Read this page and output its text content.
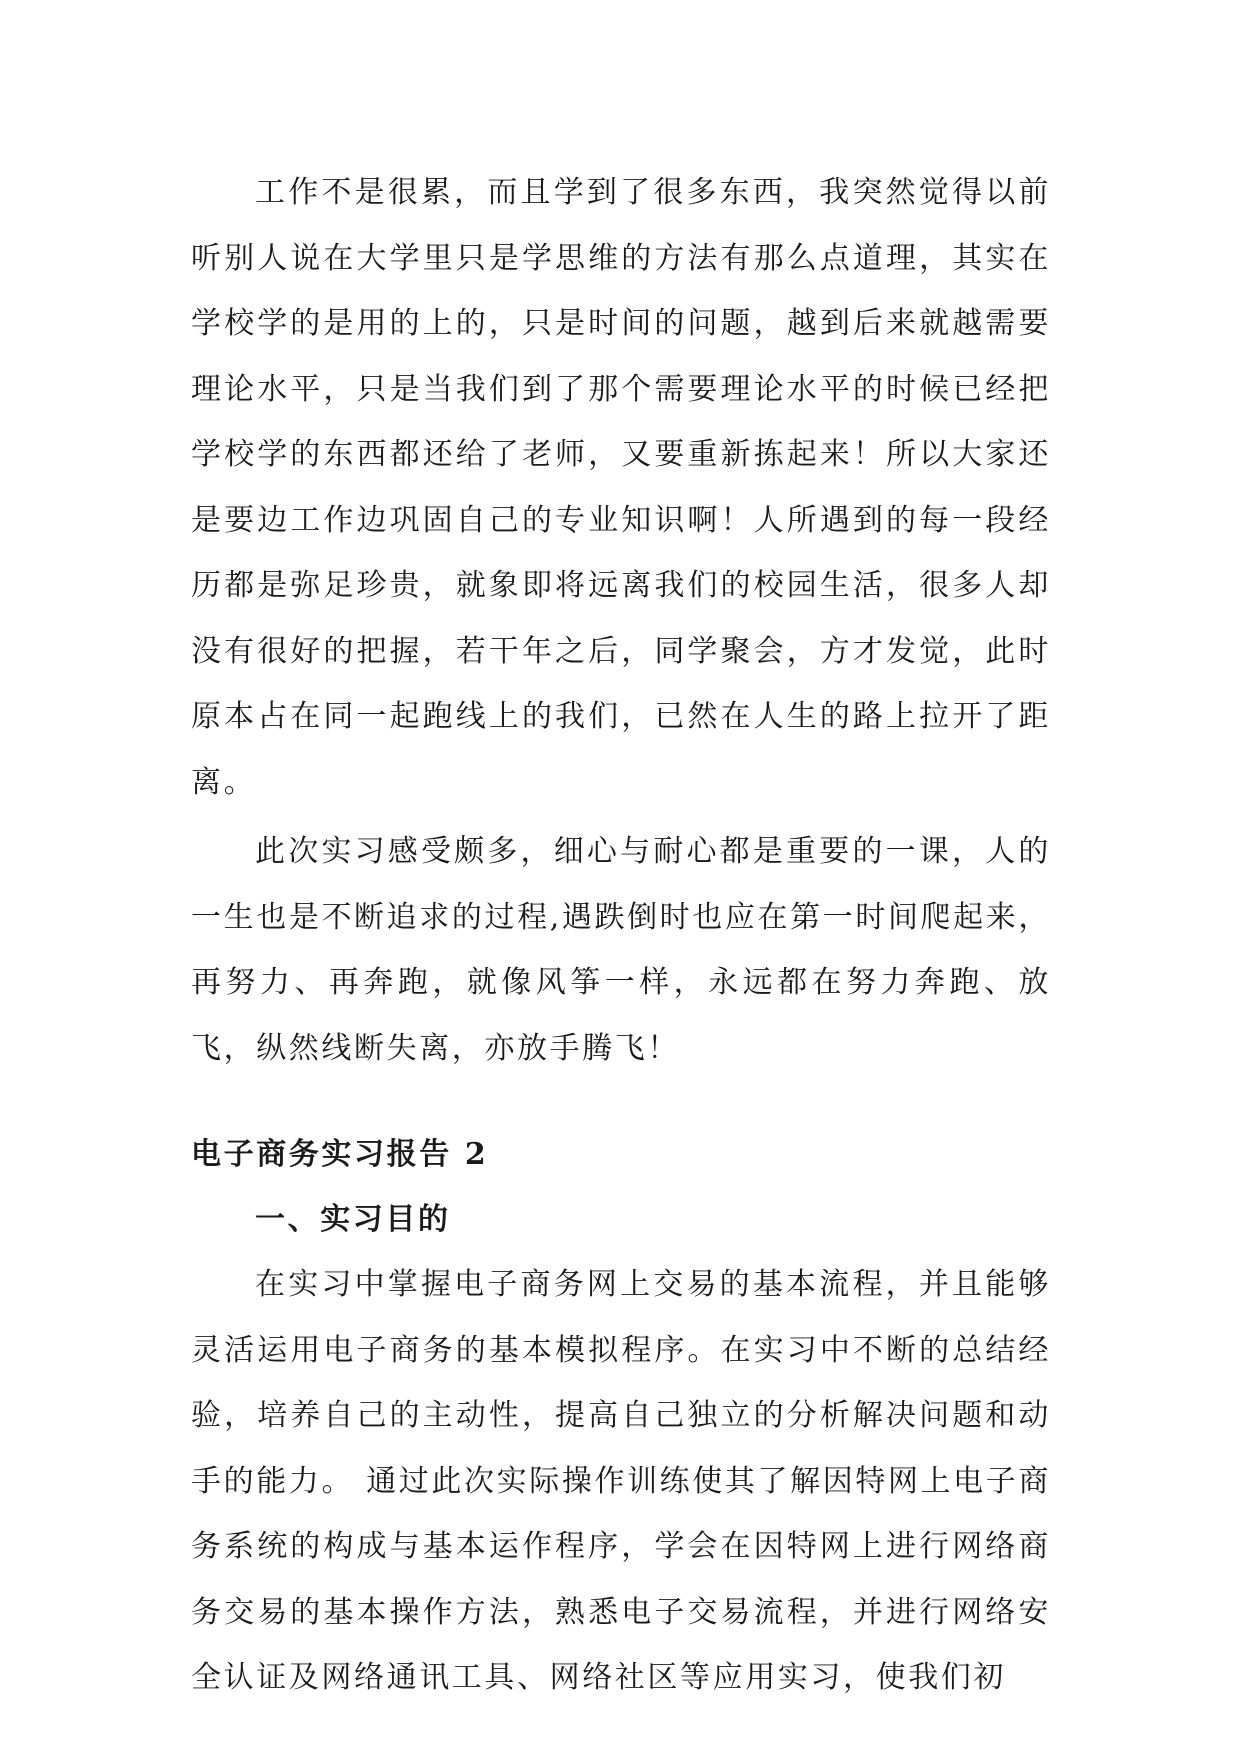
工作不是很累，而且学到了很多东西，我突然觉得以前听别人说在大学里只是学思维的方法有那么点道理，其实在学校学的是用的上的，只是时间的问题，越到后来就越需要理论水平，只是当我们到了那个需要理论水平的时候已经把学校学的东西都还给了老师，又要重新拣起来！所以大家还是要边工作边巩固自己的专业知识啊！人所遇到的每一段经历都是弥足珍贵，就象即将远离我们的校园生活，很多人却没有很好的把握，若干年之后，同学聚会，方才发觉，此时原本占在同一起跑线上的我们，已然在人生的路上拉开了距离。

此次实习感受颇多，细心与耐心都是重要的一课，人的一生也是不断追求的过程,遇跌倒时也应在第一时间爬起来，再努力、再奔跑，就像风筝一样，永远都在努力奔跑、放飞，纵然线断失离，亦放手腾飞！

电子商务实习报告 2
一、实习目的

在实习中掌握电子商务网上交易的基本流程，并且能够灵活运用电子商务的基本模拟程序。在实习中不断的总结经验，培养自己的主动性，提高自己独立的分析解决问题和动手的能力。 通过此次实际操作训练使其了解因特网上电子商务系统的构成与基本运作程序，学会在因特网上进行网络商务交易的基本操作方法，熟悉电子交易流程，并进行网络安全认证及网络通讯工具、网络社区等应用实习，使我们初
